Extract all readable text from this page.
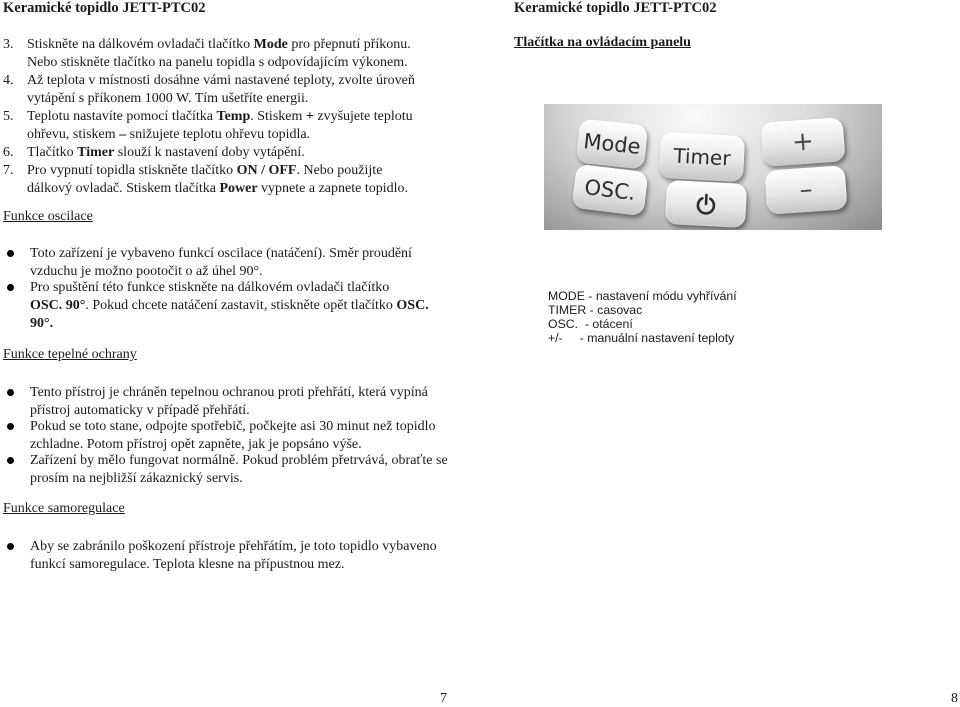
Keramické topidlo JETT-PTC02
3. Stiskněte na dálkovém ovladači tlačítko Mode pro přepnutí příkonu.
Nebo stiskněte tlačítko na panelu topidla s odpovídajícím výkonem.
4. Až teplota v místnosti dosáhne vámi nastavené teploty, zvolte úroveň
vytápění s příkonem 1000 W. Tím ušetříte energii.
5. Teplotu nastavíte pomocí tlačítka Temp. Stiskem + zvyšujete teplotu
ohřevu, stiskem – snižujete teplotu ohřevu topidla.
6. Tlačítko Timer slouží k nastavení doby vytápění.
7. Pro vypnutí topidla stiskněte tlačítko ON / OFF. Nebo použijte
dálkový ovladač. Stiskem tlačítka Power vypnete a zapnete topidlo.
Funkce oscilace
Toto zařízení je vybaveno funkcí oscilace (natáčení). Směr proudění
vzduchu je možno pootočit o až úhel 90°.
Pro spuštění této funkce stiskněte na dálkovém ovladači tlačítko
OSC. 90°. Pokud chcete natáčení zastavit, stiskněte opět tlačítko OSC.
90°.
Funkce tepelné ochrany
Tento přístroj je chráněn tepelnou ochranou proti přehřátí, která vypíná
přístroj automaticky v případě přehřátí.
Pokud se toto stane, odpojte spotřebič, počkejte asi 30 minut než topidlo
zchladne. Potom přístroj opět zapněte, jak je popsáno výše.
Zařízení by mělo fungovat normálně. Pokud problém přetrvává, obraťte se
prosím na nejbližší zákaznický servis.
Funkce samoregulace
Aby se zabránilo poškození přístroje přehřátím, je toto topidlo vybaveno
funkcí samoregulace. Teplota klesne na přípustnou mez.
7
Keramické topidlo JETT-PTC02
Tlačítka na ovládacím panelu
Mode	Timer	+
OSC.	–
MODE - nastavení módu vyhřívání
TIMER - casovac
OSC.  - otácení
+/-     - manuální nastavení teploty
8
